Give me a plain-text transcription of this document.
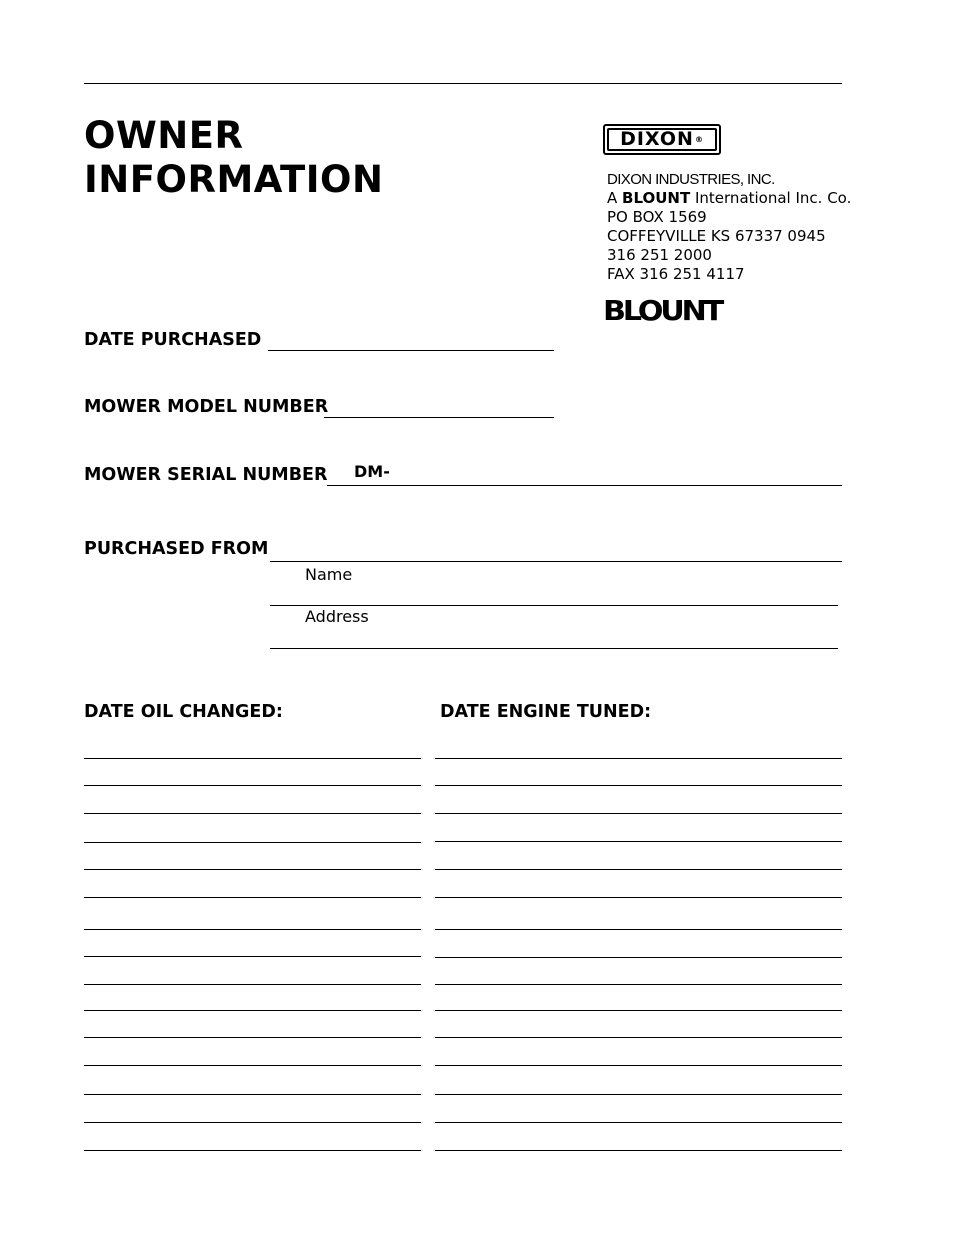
OWNER
INFORMATION
DIXON ®
DIXON INDUSTRIES, INC.
A BLOUNT International Inc. Co.
PO BOX 1569
COFFEYVILLE KS 67337 0945
316 251 2000
FAX 316 251 4117
BLOUNT
DATE PURCHASED
MOWER MODEL NUMBER
MOWER SERIAL NUMBER DM-
PURCHASED FROM
Name
Address
DATE OIL CHANGED:	DATE ENGINE TUNED:
